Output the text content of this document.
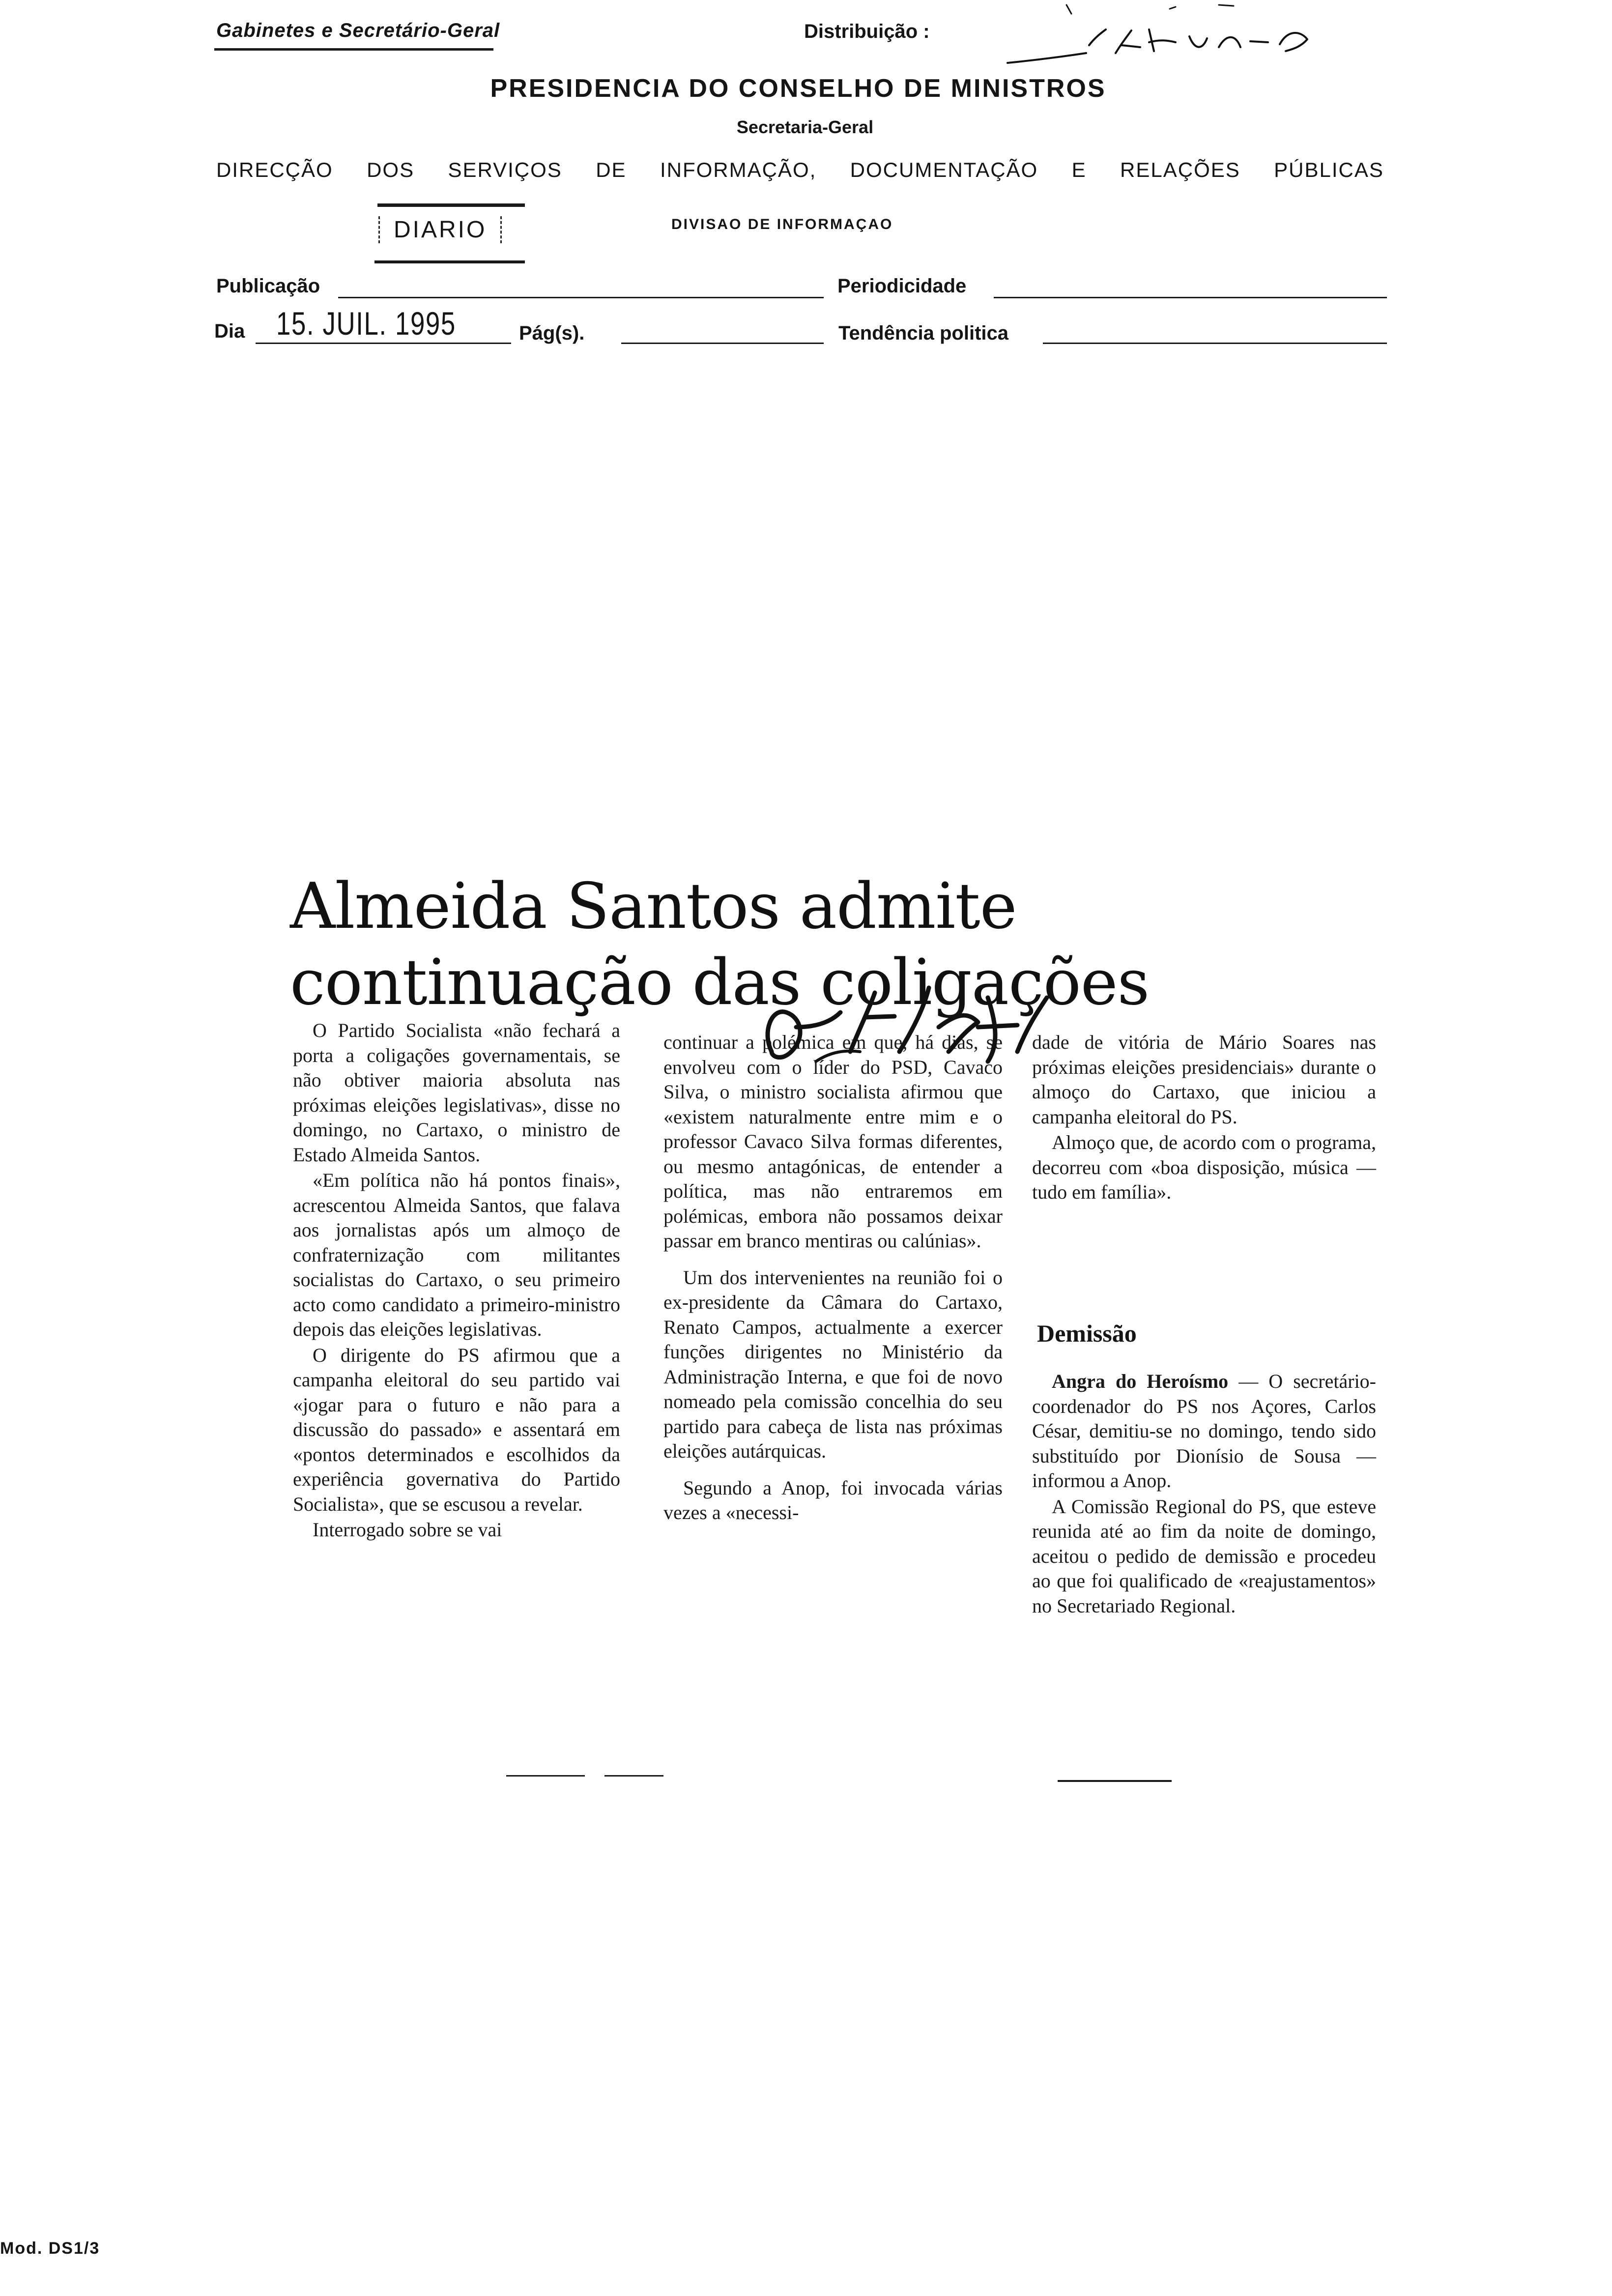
Gabinetes e Secretário-Geral	Distribuição :
PRESIDENCIA DO CONSELHO DE MINISTROS
Secretaria-Geral
DIRECÇÃO DOS SERVIÇOS DE INFORMAÇÃO, DOCUMENTAÇÃO E RELAÇÕES PÚBLICAS
DIARIO	DIVISAO DE INFORMAÇAO
Publicação	Periodicidade
Dia 15. JUIL. 1995	Pág(s).	Tendência politica
Almeida Santos admite
continuação das coligações

O Partido Socialista «não fechará a porta a coligações governamentais, se não obtiver maioria absoluta nas próximas eleições legislativas», disse no domingo, no Cartaxo, o ministro de Estado Almeida Santos.

«Em política não há pontos finais», acrescentou Almeida Santos, que falava aos jornalistas após um almoço de confraternização com militantes socialistas do Cartaxo, o seu primeiro acto como candidato a primeiro-ministro depois das eleições legislativas.

O dirigente do PS afirmou que a campanha eleitoral do seu partido vai «jogar para o futuro e não para a discussão do passado» e assentará em «pontos determinados e escolhidos da experiência governativa do Partido Socialista», que se escusou a revelar.

Interrogado sobre se vai

continuar a polémica em que, há dias, se envolveu com o líder do PSD, Cavaco Silva, o ministro socialista afirmou que «existem naturalmente entre mim e o professor Cavaco Silva formas diferentes, ou mesmo antagónicas, de entender a política, mas não entraremos em polémicas, embora não possamos deixar passar em branco mentiras ou calúnias».

Um dos intervenientes na reunião foi o ex-presidente da Câmara do Cartaxo, Renato Campos, actualmente a exercer funções dirigentes no Ministério da Administração Interna, e que foi de novo nomeado pela comissão concelhia do seu partido para cabeça de lista nas próximas eleições autárquicas.

Segundo a Anop, foi invocada várias vezes a «necessi-

dade de vitória de Mário Soares nas próximas eleições presidenciais» durante o almoço do Cartaxo, que iniciou a campanha eleitoral do PS.

Almoço que, de acordo com o programa, decorreu com «boa disposição, música — tudo em família».

Demissão

Angra do Heroísmo — O secretário-coordenador do PS nos Açores, Carlos César, demitiu-se no domingo, tendo sido substituído por Dionísio de Sousa — informou a Anop.

A Comissão Regional do PS, que esteve reunida até ao fim da noite de domingo, aceitou o pedido de demissão e procedeu ao que foi qualificado de «reajustamentos» no Secretariado Regional.

Mod. DS1/3
